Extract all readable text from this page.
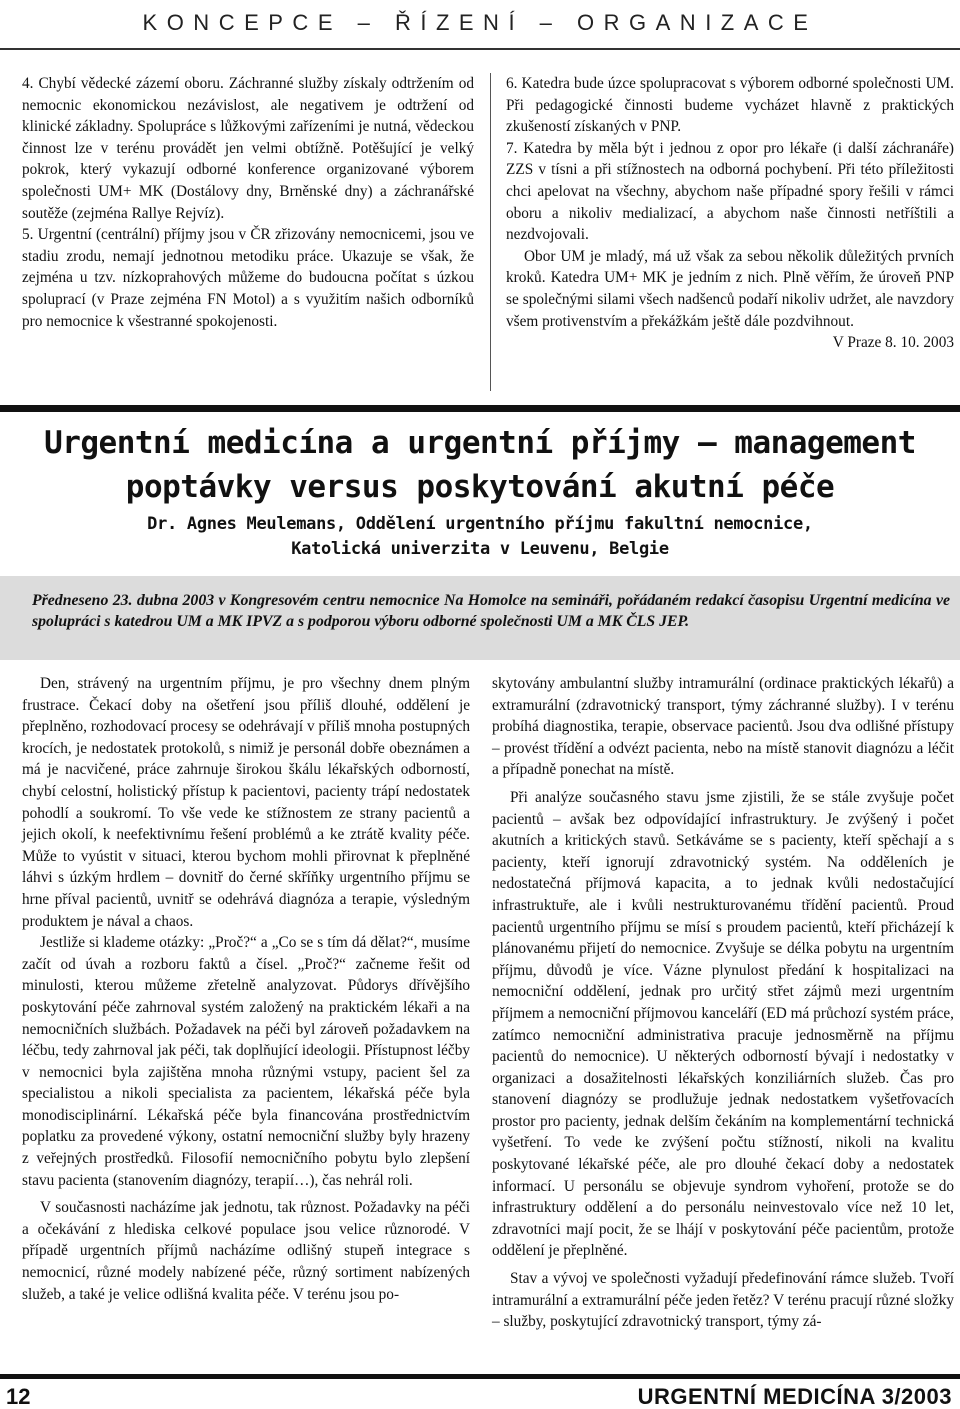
KONCEPCE – ŘÍZENÍ – ORGANIZACE

4. Chybí vědecké zázemí oboru. Záchranné služby získaly odtržením od nemocnic ekonomickou nezávislost, ale negativem je odtržení od klinické základny. Spolupráce s lůžkovými zařízeními je nutná, vědeckou činnost lze v terénu provádět jen velmi obtížně. Potěšující je velký pokrok, který vykazují odborné konference organizované výborem společnosti UM+ MK (Dostálovy dny, Brněnské dny) a záchranářské soutěže (zejména Rallye Rejvíz).

5. Urgentní (centrální) příjmy jsou v ČR zřizovány nemocnicemi, jsou ve stadiu zrodu, nemají jednotnou metodiku práce. Ukazuje se však, že zejména u tzv. nízkoprahových můžeme do budoucna počítat s úzkou spoluprací (v Praze zejména FN Motol) a s využitím našich odborníků pro nemocnice k všestranné spokojenosti.

6. Katedra bude úzce spolupracovat s výborem odborné společnosti UM. Při pedagogické činnosti budeme vycházet hlavně z praktických zkušeností získaných v PNP.

7. Katedra by měla být i jednou z opor pro lékaře (i další záchranáře) ZZS v tísni a při stížnostech na odborná pochybení. Při této příležitosti chci apelovat na všechny, abychom naše případné spory řešili v rámci oboru a nikoliv medializací, a abychom naše činnosti netříštili a nezdvojovali.

Obor UM je mladý, má už však za sebou několik důležitých prvních kroků. Katedra UM+ MK je jedním z nich. Plně věřím, že úroveň PNP se společnými silami všech nadšenců podaří nikoliv udržet, ale navzdory všem protivenstvím a překážkám ještě dále pozdvihnout.

V Praze 8. 10. 2003

Urgentní medicína a urgentní příjmy – management poptávky versus poskytování akutní péče
Dr. Agnes Meulemans, Oddělení urgentního příjmu fakultní nemocnice,
Katolická univerzita v Leuvenu, Belgie
Předneseno 23. dubna 2003 v Kongresovém centru nemocnice Na Homolce na semináři, pořádaném redakcí časopisu Urgentní medicína ve spolupráci s katedrou UM a MK IPVZ a s podporou výboru odborné společnosti UM a MK ČLS JEP.

Den, strávený na urgentním příjmu, je pro všechny dnem plným frustrace. Čekací doby na ošetření jsou příliš dlouhé, oddělení je přeplněno, rozhodovací procesy se odehrávají v příliš mnoha postupných krocích, je nedostatek protokolů, s nimiž je personál dobře obeznámen a má je nacvičené, práce zahrnuje širokou škálu lékařských odborností, chybí celostní, holistický přístup k pacientovi, pacienty trápí nedostatek pohodlí a soukromí. To vše vede ke stížnostem ze strany pacientů a jejich okolí, k neefektivnímu řešení problémů a ke ztrátě kvality péče. Může to vyústit v situaci, kterou bychom mohli přirovnat k přeplněné láhvi s úzkým hrdlem – dovnitř do černé skříňky urgentního příjmu se hrne příval pacientů, uvnitř se odehrává diagnóza a terapie, výsledným produktem je nával a chaos.

Jestliže si klademe otázky: „Proč?“ a „Co se s tím dá dělat?“, musíme začít od úvah a rozboru faktů a čísel. „Proč?“ začneme řešit od minulosti, kterou můžeme zřetelně analyzovat. Půdorys dřívějšího poskytování péče zahrnoval systém založený na praktickém lékaři a na nemocničních službách. Požadavek na péči byl zároveň požadavkem na léčbu, tedy zahrnoval jak péči, tak doplňující ideologii. Přístupnost léčby v nemocnici byla zajištěna mnoha různými vstupy, pacient šel za specialistou a nikoli specialista za pacientem, lékařská péče byla monodisciplinární. Lékařská péče byla financována prostřednictvím poplatku za provedené výkony, ostatní nemocniční služby byly hrazeny z veřejných prostředků. Filosofií nemocničního pobytu bylo zlepšení stavu pacienta (stanovením diagnózy, terapií…), čas nehrál roli.

V současnosti nacházíme jak jednotu, tak různost. Požadavky na péči a očekávání z hlediska celkové populace jsou velice různorodé. V případě urgentních příjmů nacházíme odlišný stupeň integrace s nemocnicí, různé modely nabízené péče, různý sortiment nabízených služeb, a také je velice odlišná kvalita péče. V terénu jsou po-

skytovány ambulantní služby intramurální (ordinace praktických lékařů) a extramurální (zdravotnický transport, týmy záchranné služby). I v terénu probíhá diagnostika, terapie, observace pacientů. Jsou dva odlišné přístupy – provést třídění a odvézt pacienta, nebo na místě stanovit diagnózu a léčit a případně ponechat na místě.

Při analýze současného stavu jsme zjistili, že se stále zvyšuje počet pacientů – avšak bez odpovídající infrastruktury. Je zvýšený i počet akutních a kritických stavů. Setkáváme se s pacienty, kteří spěchají a s pacienty, kteří ignorují zdravotnický systém. Na odděleních je nedostatečná příjmová kapacita, a to jednak kvůli nedostačující infrastruktuře, ale i kvůli nestrukturovanému třídění pacientů. Proud pacientů urgentního příjmu se mísí s proudem pacientů, kteří přicházejí k plánovanému přijetí do nemocnice. Zvyšuje se délka pobytu na urgentním příjmu, důvodů je více. Vázne plynulost předání k hospitalizaci na nemocniční oddělení, jednak pro určitý střet zájmů mezi urgentním příjmem a nemocniční příjmovou kanceláří (ED má průchozí systém práce, zatímco nemocniční administrativa pracuje jednosměrně na příjmu pacientů do nemocnice). U některých odborností bývají i nedostatky v organizaci a dosažitelnosti lékařských konziliárních služeb. Čas pro stanovení diagnózy se prodlužuje jednak nedostatkem vyšetřovacích prostor pro pacienty, jednak delším čekáním na komplementární technická vyšetření. To vede ke zvýšení počtu stížností, nikoli na kvalitu poskytované lékařské péče, ale pro dlouhé čekací doby a nedostatek informací. U personálu se objevuje syndrom vyhoření, protože se do infrastruktury oddělení a do personálu neinvestovalo více než 10 let, zdravotníci mají pocit, že se lhájí v poskytování péče pacientům, protože oddělení je přeplněné.

Stav a vývoj ve společnosti vyžadují předefinování rámce služeb. Tvoří intramurální a extramurální péče jeden řetěz? V terénu pracují různé složky – služby, poskytující zdravotnický transport, týmy zá-

12	URGENTNÍ MEDICÍNA 3/2003
